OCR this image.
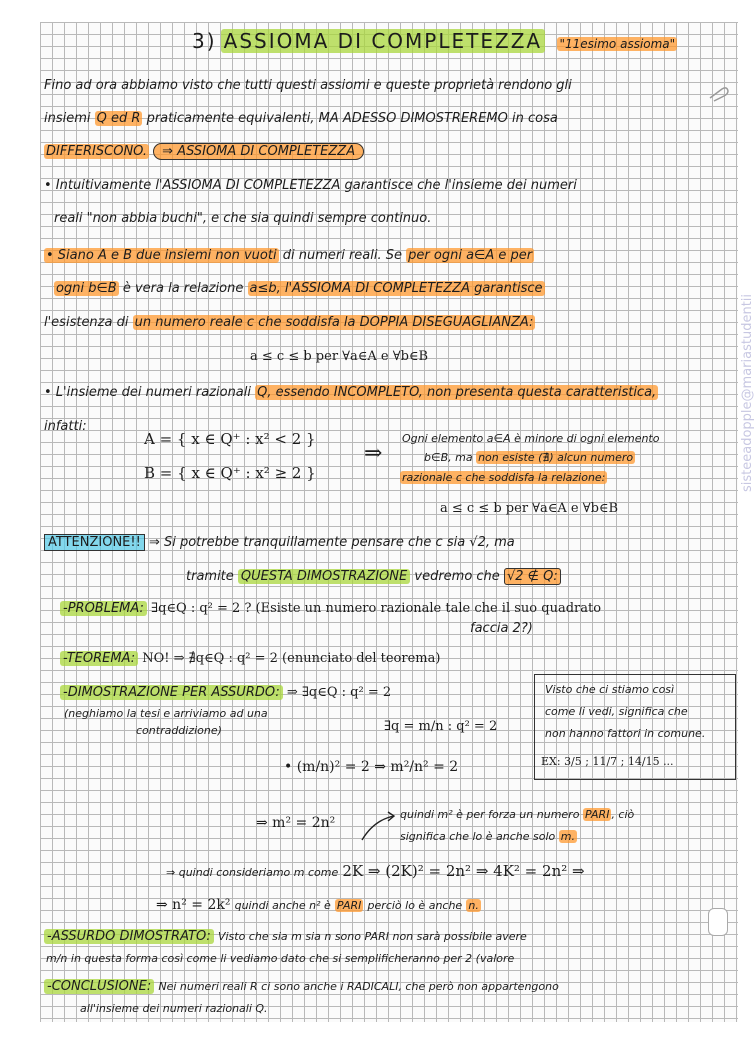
3) ASSIOMA DI COMPLETEZZA "11esimo assioma"
Fino ad ora abbiamo visto che tutti questi assiomi e queste proprietà rendono gli
insiemi Q ed R praticamente equivalenti, MA ADESSO DIMOSTREREMO in cosa
DIFFERISCONO. ⇒ ASSIOMA DI COMPLETEZZA
• Intuitivamente l'ASSIOMA DI COMPLETEZZA garantisce che l'insieme dei numeri
reali "non abbia buchi", e che sia quindi sempre continuo.
• Siano A e B due insiemi non vuoti di numeri reali. Se per ogni a∈A e per
ogni b∈B è vera la relazione a≤b, l'ASSIOMA DI COMPLETEZZA garantisce
l'esistenza di un numero reale c che soddisfa la DOPPIA DISEGUAGLIANZA:
a ≤ c ≤ b per ∀a∈A e ∀b∈B
• L'insieme dei numeri razionali Q, essendo INCOMPLETO, non presenta questa caratteristica,
infatti:
A = { x ∈ Q⁺ : x² < 2 }
B = { x ∈ Q⁺ : x² ≥ 2 }
⇒
Ogni elemento a∈A è minore di ogni elemento
b∈B, ma non esiste (∄) alcun numero
razionale c che soddisfa la relazione:
a ≤ c ≤ b per ∀a∈A e ∀b∈B
ATTENZIONE!! ⇒ Si potrebbe tranquillamente pensare che c sia √2, ma
tramite QUESTA DIMOSTRAZIONE vedremo che √2 ∉ Q:
-PROBLEMA: ∃q∈Q : q² = 2 ? (Esiste un numero razionale tale che il suo quadrato
faccia 2?)
-TEOREMA: NO! ⇒ ∄q∈Q : q² = 2 (enunciato del teorema)
-DIMOSTRAZIONE PER ASSURDO: ⇒ ∃q∈Q : q² = 2
(neghiamo la tesi e arriviamo ad una
contraddizione)	∃q = m/n : q² = 2
• (m/n)² = 2 ⇒ m²/n² = 2
Visto che ci stiamo così
come li vedi, significa che
non hanno fattori in comune.
EX: 3/5 ; 11/7 ; 14/15 ...
⇒ m² = 2n²
quindi m² è per forza un numero PARI , ciò
significa che lo è anche solo m.
⇒ quindi consideriamo m come 2K ⇒ (2K)² = 2n² ⇒ 4K² = 2n² ⇒
⇒ n² = 2k² quindi anche n² è PARI perciò lo è anche n.
-ASSURDO DIMOSTRATO: Visto che sia m sia n sono PARI non sarà possibile avere
m/n in questa forma così come li vediamo dato che si semplificheranno per 2 (valore
-CONCLUSIONE: Nei numeri reali R ci sono anche i RADICALI, che però non appartengono
all'insieme dei numeri razionali Q.
sisteeadopple@mariastudentii
